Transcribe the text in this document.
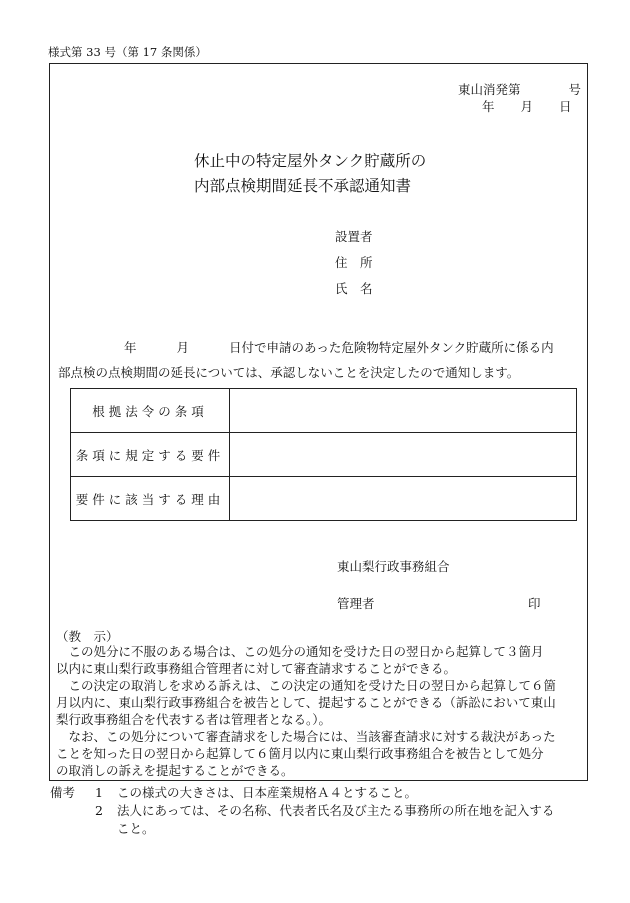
様式第 33 号（第 17 条関係）
東山消発第	号
年 月 日
休止中の特定屋外タンク貯蔵所の
内部点検期間延長不承認通知書
設置者
住　所
氏　名
年	月	日付で申請のあった危険物特定屋外タンク貯蔵所に係る内
部点検の点検期間の延長については、承認しないことを決定したので通知します。
根拠法令の条項	
条項に規定する要件	
要件に該当する理由	
東山梨行政事務組合
管理者	印
（教　示）

　この処分に不服のある場合は、この処分の通知を受けた日の翌日から起算して３箇月

以内に東山梨行政事務組合管理者に対して審査請求することができる。

　この決定の取消しを求める訴えは、この決定の通知を受けた日の翌日から起算して６箇

月以内に、東山梨行政事務組合を被告として、提起することができる（訴訟において東山

梨行政事務組合を代表する者は管理者となる。）。

　なお、この処分について審査請求をした場合には、当該審査請求に対する裁決があった

ことを知った日の翌日から起算して６箇月以内に東山梨行政事務組合を被告として処分

の取消しの訴えを提起することができる。

備考 1 この様式の大きさは、日本産業規格Ａ４とすること。
2 法人にあっては、その名称、代表者氏名及び主たる事務所の所在地を記入する
こと。
